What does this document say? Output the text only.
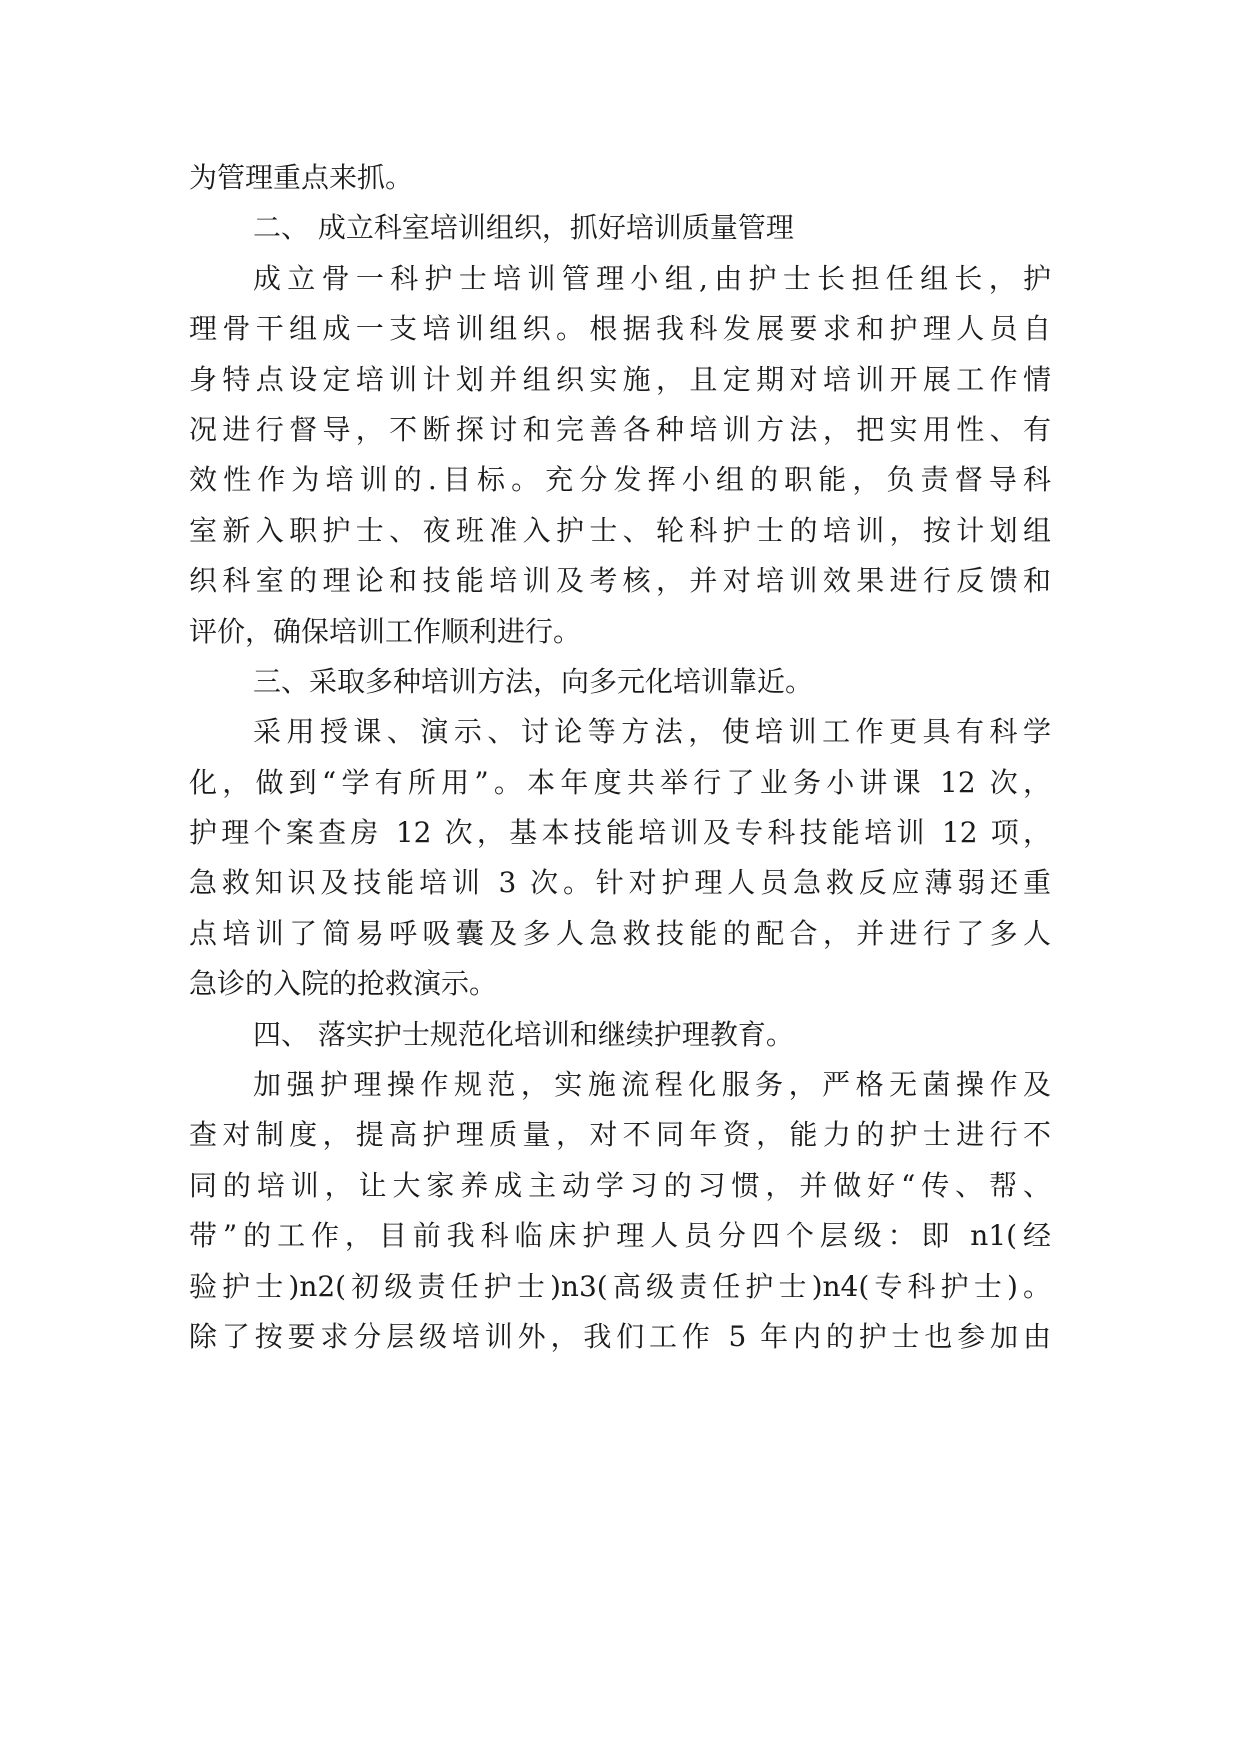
为管理重点来抓。
二、 成立科室培训组织，抓好培训质量管理
成立骨一科护士培训管理小组,由护士长担任组长，护
理骨干组成一支培训组织。根据我科发展要求和护理人员自
身特点设定培训计划并组织实施，且定期对培训开展工作情
况进行督导，不断探讨和完善各种培训方法，把实用性、有
效性作为培训的.目标。充分发挥小组的职能，负责督导科
室新入职护士、夜班准入护士、轮科护士的培训，按计划组
织科室的理论和技能培训及考核，并对培训效果进行反馈和
评价，确保培训工作顺利进行。
三、采取多种培训方法，向多元化培训靠近。
采用授课、演示、讨论等方法，使培训工作更具有科学
化，做到“学有所用”。本年度共举行了业务小讲课 12 次，
护理个案查房 12 次，基本技能培训及专科技能培训 12 项，
急救知识及技能培训 3 次。针对护理人员急救反应薄弱还重
点培训了简易呼吸囊及多人急救技能的配合，并进行了多人
急诊的入院的抢救演示。
四、 落实护士规范化培训和继续护理教育。
加强护理操作规范，实施流程化服务，严格无菌操作及
查对制度，提高护理质量，对不同年资，能力的护士进行不
同的培训，让大家养成主动学习的习惯，并做好“传、帮、
带”的工作，目前我科临床护理人员分四个层级：即 n1(经
验护士)n2(初级责任护士)n3(高级责任护士)n4(专科护士)。
除了按要求分层级培训外，我们工作 5 年内的护士也参加由
